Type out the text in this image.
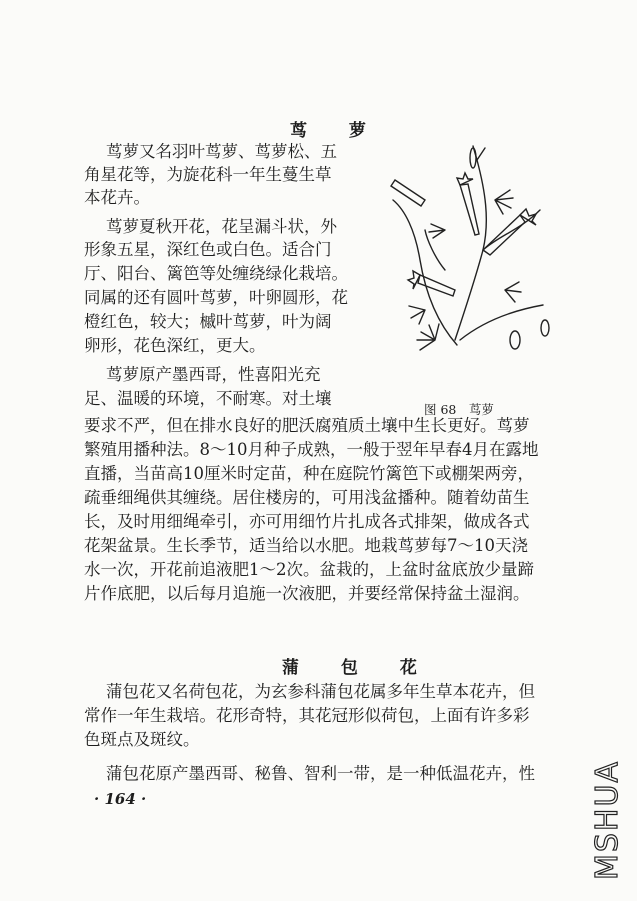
茑 萝
茑萝又名羽叶茑萝、茑萝松、五
角星花等，为旋花科一年生蔓生草
本花卉。
茑萝夏秋开花，花呈漏斗状，外
形象五星，深红色或白色。适合门
厅、阳台、篱笆等处缠绕绿化栽培。
同属的还有圆叶茑萝，叶卵圆形，花
橙红色，较大；槭叶茑萝，叶为阔
卵形，花色深红，更大。
茑萝原产墨西哥，性喜阳光充
足、温暖的环境，不耐寒。对土壤
要求不严，但在排水良好的肥沃腐殖质土壤中生长更好。茑萝
繁殖用播种法。8～10月种子成熟，一般于翌年早春4月在露地
直播，当苗高10厘米时定苗，种在庭院竹篱笆下或棚架两旁，
疏垂细绳供其缠绕。居住楼房的，可用浅盆播种。随着幼苗生
长，及时用细绳牵引，亦可用细竹片扎成各式排架，做成各式
花架盆景。生长季节，适当给以水肥。地栽茑萝每7～10天浇
水一次，开花前追液肥1～2次。盆栽的，上盆时盆底放少量蹄
片作底肥，以后每月追施一次液肥，并要经常保持盆土湿润。
图 68　茑萝
蒲 包 花
蒲包花又名荷包花，为玄参科蒲包花属多年生草本花卉，但
常作一年生栽培。花形奇特，其花冠形似荷包，上面有许多彩
色斑点及斑纹。
蒲包花原产墨西哥、秘鲁、智利一带，是一种低温花卉，性
· 164 ·	MSHUA
